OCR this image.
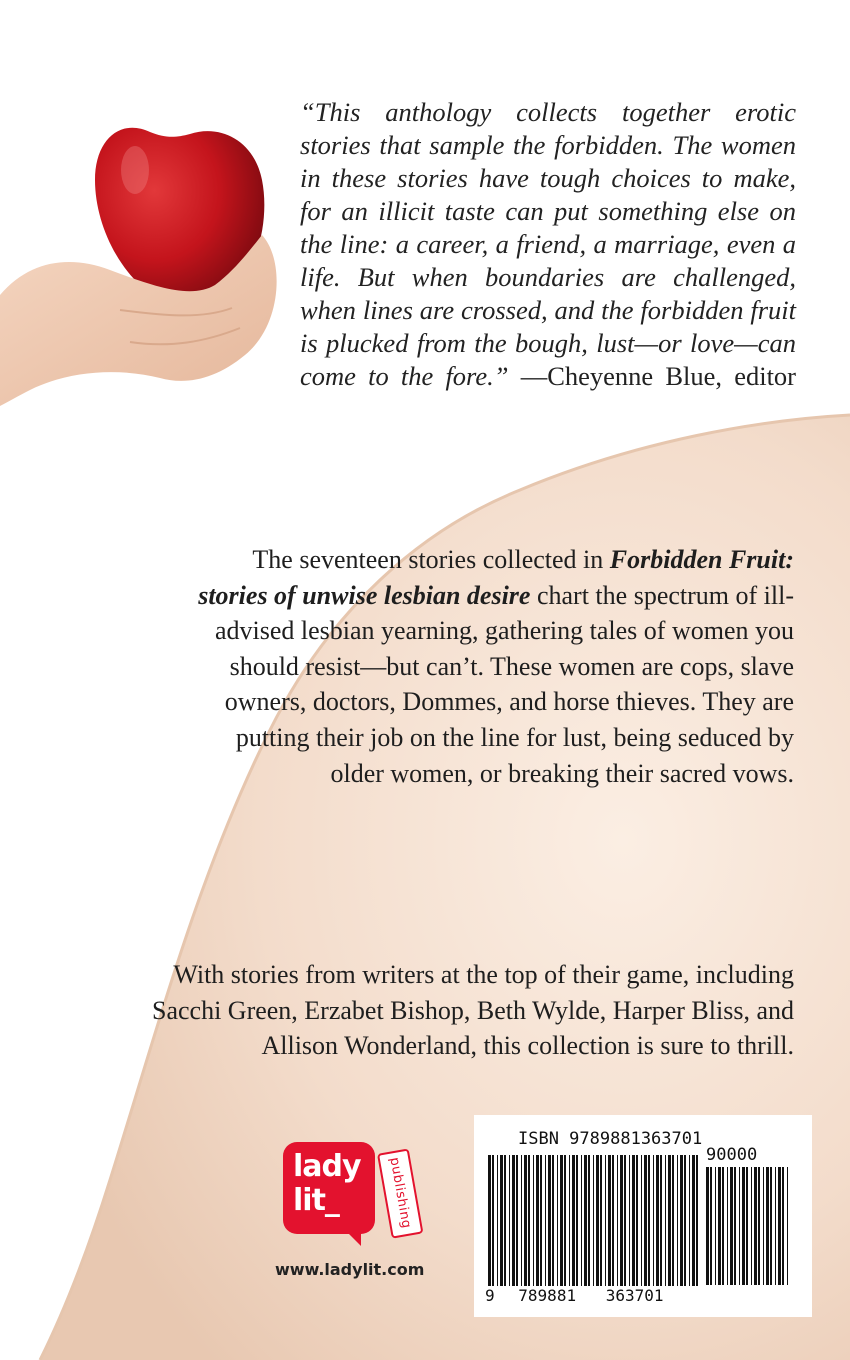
“This anthology collects together erotic stories that sample the forbidden. The women in these stories have tough choices to make, for an illicit taste can put something else on the line: a career, a friend, a marriage, even a life. But when boundaries are challenged, when lines are crossed, and the forbidden fruit is plucked from the bough, lust—or love—can come to the fore.” —Cheyenne Blue, editor
The seventeen stories collected in Forbidden Fruit: stories of unwise lesbian desire chart the spectrum of ill-advised lesbian yearning, gathering tales of women you should resist—but can’t. These women are cops, slave owners, doctors, Dommes, and horse thieves. They are putting their job on the line for lust, being seduced by older women, or breaking their sacred vows.
With stories from writers at the top of their game, including Sacchi Green, Erzabet Bishop, Beth Wylde, Harper Bliss, and Allison Wonderland, this collection is sure to thrill.
lady
lit_	publishing
www.ladylit.com
ISBN 9789881363701
90000
9 789881 363701
